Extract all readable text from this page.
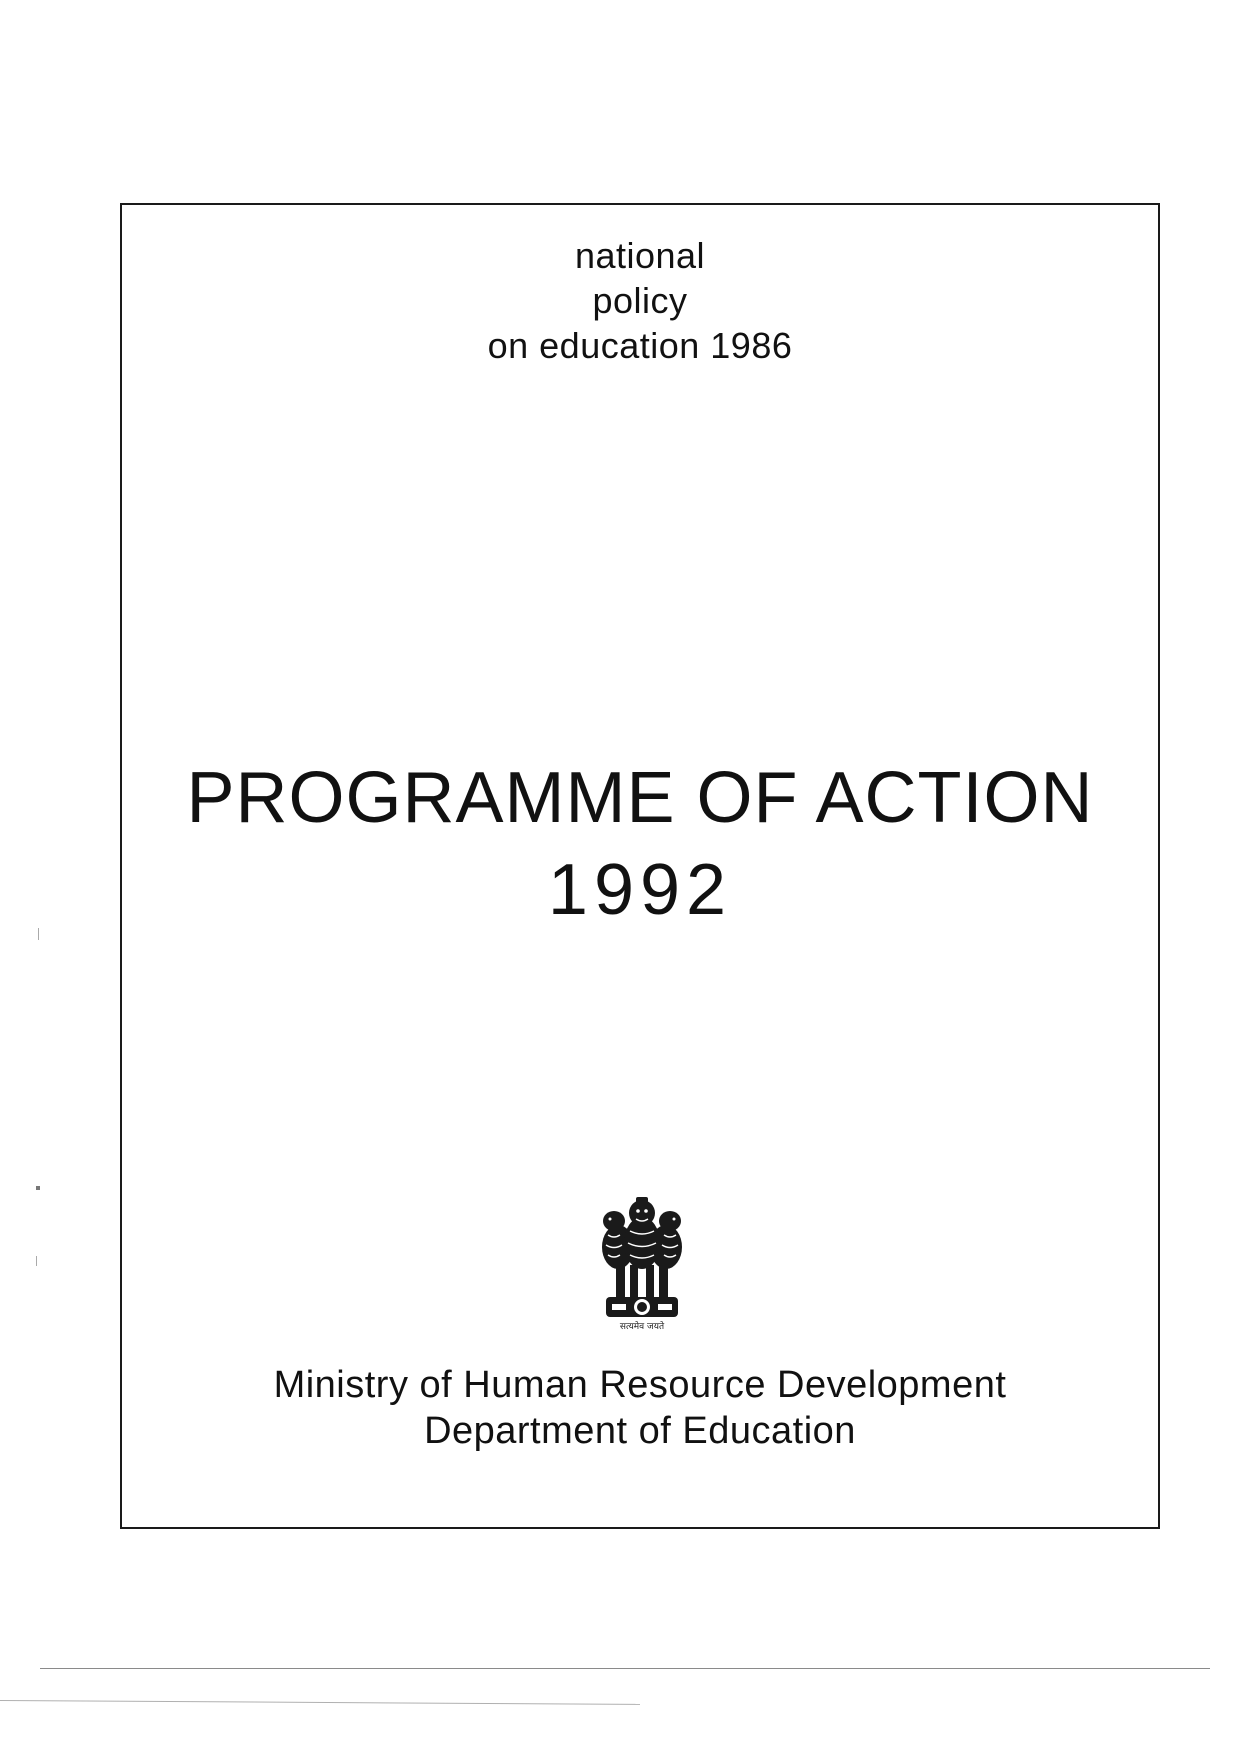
national
policy
on education 1986
PROGRAMME OF ACTION
1992
सत्यमेव जयते
Ministry of Human Resource Development
Department of Education
